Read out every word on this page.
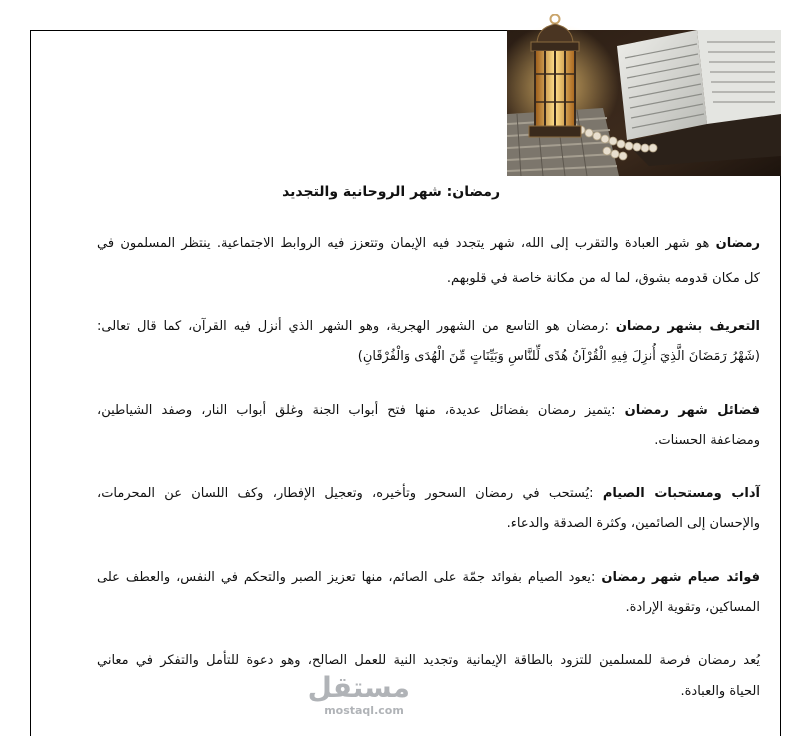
رمضان: شهر الروحانية والتجديد
رمضان هو شهر العبادة والتقرب إلى الله، شهر يتجدد فيه الإيمان وتتعزز فيه الروابط الاجتماعية. ينتظر المسلمون في
كل مكان قدومه بشوق، لما له من مكانة خاصة في قلوبهم.
التعريف بشهر رمضان :رمضان هو التاسع من الشهور الهجرية، وهو الشهر الذي أنزل فيه القرآن، كما قال تعالى:
(شَهْرُ رَمَضَانَ الَّذِيَ أُنزِلَ فِيهِ الْقُرْآنُ هُدًى لِّلنَّاسِ وَبَيِّنَاتٍ مِّنَ الْهُدَى وَالْفُرْقَانِ)
فضائل شهر رمضان :يتميز رمضان بفضائل عديدة، منها فتح أبواب الجنة وغلق أبواب النار، وصفد الشياطين،
ومضاعفة الحسنات.
آداب ومستحبات الصيام :يُستحب في رمضان السحور وتأخيره، وتعجيل الإفطار، وكف اللسان عن المحرمات،
والإحسان إلى الصائمين، وكثرة الصدقة والدعاء.
فوائد صيام شهر رمضان :يعود الصيام بفوائد جمّة على الصائم، منها تعزيز الصبر والتحكم في النفس، والعطف على
المساكين، وتقوية الإرادة.
يُعد رمضان فرصة للمسلمين للتزود بالطاقة الإيمانية وتجديد النية للعمل الصالح، وهو دعوة للتأمل والتفكر في معاني
الحياة والعبادة.
مستقل
mostaql.com
